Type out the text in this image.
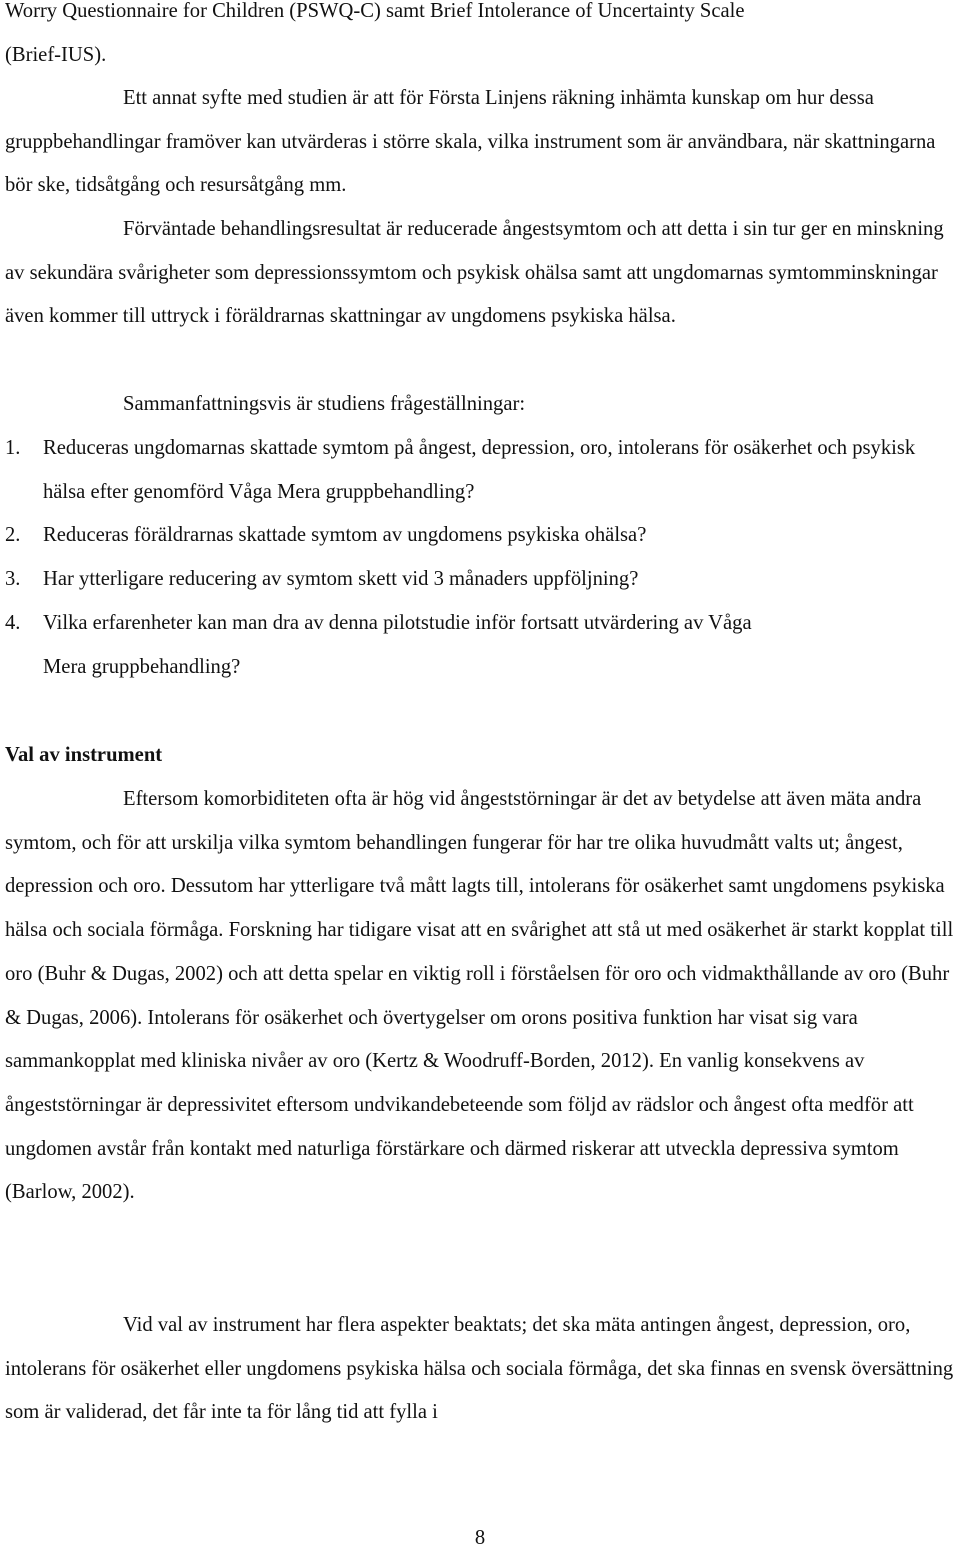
Worry Questionnaire for Children (PSWQ-C) samt Brief Intolerance of Uncertainty Scale
(Brief-IUS).

Ett annat syfte med studien är att för Första Linjens räkning inhämta kunskap om hur dessa gruppbehandlingar framöver kan utvärderas i större skala, vilka instrument som är användbara, när skattningarna bör ske, tidsåtgång och resursåtgång mm.

Förväntade behandlingsresultat är reducerade ångestsymtom och att detta i sin tur ger en minskning av sekundära svårigheter som depressionssymtom och psykisk ohälsa samt att ungdomarnas symtomminskningar även kommer till uttryck i föräldrarnas skattningar av ungdomens psykiska hälsa.

Sammanfattningsvis är studiens frågeställningar:

1.	Reduceras ungdomarnas skattade symtom på ångest, depression, oro, intolerans för osäkerhet och psykisk hälsa efter genomförd Våga Mera gruppbehandling?
2.	Reduceras föräldrarnas skattade symtom av ungdomens psykiska ohälsa?
3.	Har ytterligare reducering av symtom skett vid 3 månaders uppföljning?
4. Vilka erfarenheter kan man dra av denna pilotstudie inför fortsatt utvärdering av Våga
Mera gruppbehandling?
Val av instrument

Eftersom komorbiditeten ofta är hög vid ångeststörningar är det av betydelse att även mäta andra symtom, och för att urskilja vilka symtom behandlingen fungerar för har tre olika huvudmått valts ut; ångest, depression och oro. Dessutom har ytterligare två mått lagts till, intolerans för osäkerhet samt ungdomens psykiska hälsa och sociala förmåga. Forskning har tidigare visat att en svårighet att stå ut med osäkerhet är starkt kopplat till oro (Buhr & Dugas, 2002) och att detta spelar en viktig roll i förståelsen för oro och vidmakthållande av oro (Buhr & Dugas, 2006). Intolerans för osäkerhet och övertygelser om orons positiva funktion har visat sig vara sammankopplat med kliniska nivåer av oro (Kertz & Woodruff-Borden, 2012). En vanlig konsekvens av ångeststörningar är depressivitet eftersom undvikandebeteende som följd av rädslor och ångest ofta medför att ungdomen avstår från kontakt med naturliga förstärkare och därmed riskerar att utveckla depressiva symtom (Barlow, 2002).

Vid val av instrument har flera aspekter beaktats; det ska mäta antingen ångest, depression, oro, intolerans för osäkerhet eller ungdomens psykiska hälsa och sociala förmåga, det ska finnas en svensk översättning som är validerad, det får inte ta för lång tid att fylla i

8
